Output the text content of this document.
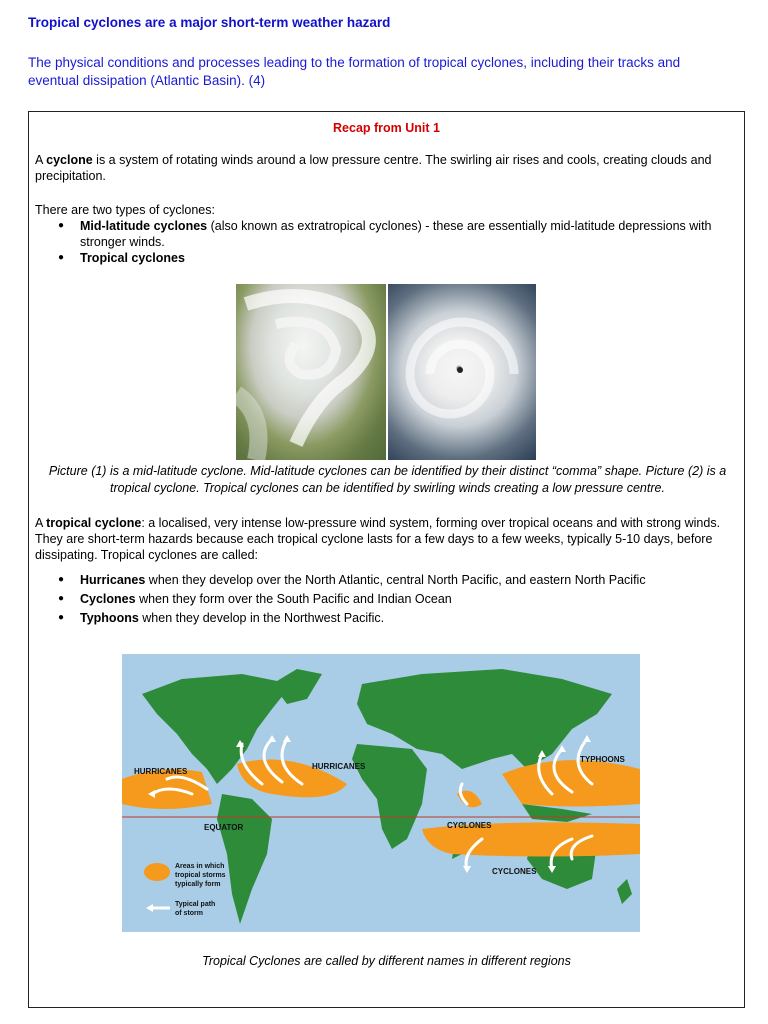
Tropical cyclones are a major short-term weather hazard

The physical conditions and processes leading to the formation of tropical cyclones, including their tracks and eventual dissipation (Atlantic Basin). (4)

Recap from Unit 1

A cyclone is a system of rotating winds around a low pressure centre. The swirling air rises and cools, creating clouds and precipitation.

There are two types of cyclones:

● Mid-latitude cyclones (also known as extratropical cyclones) - these are essentially mid-latitude depressions with stronger winds.
● Tropical cyclones

Picture (1) is a mid-latitude cyclone. Mid-latitude cyclones can be identified by their distinct “comma” shape. Picture (2) is a tropical cyclone. Tropical cyclones can be identified by swirling winds creating a low pressure centre.

A tropical cyclone: a localised, very intense low-pressure wind system, forming over tropical oceans and with strong winds. They are short-term hazards because each tropical cyclone lasts for a few days to a few weeks, typically 5-10 days, before dissipating. Tropical cyclones are called:

● Hurricanes when they develop over the North Atlantic, central North Pacific, and eastern North Pacific
● Cyclones when they form over the South Pacific and Indian Ocean
● Typhoons when they develop in the Northwest Pacific.
HURRICANES
HURRICANES
TYPHOONS
EQUATOR	CYCLONES
CYCLONES
Areas in which
tropical storms
typically form
Typical path
of storm
Tropical Cyclones are called by different names in different regions
